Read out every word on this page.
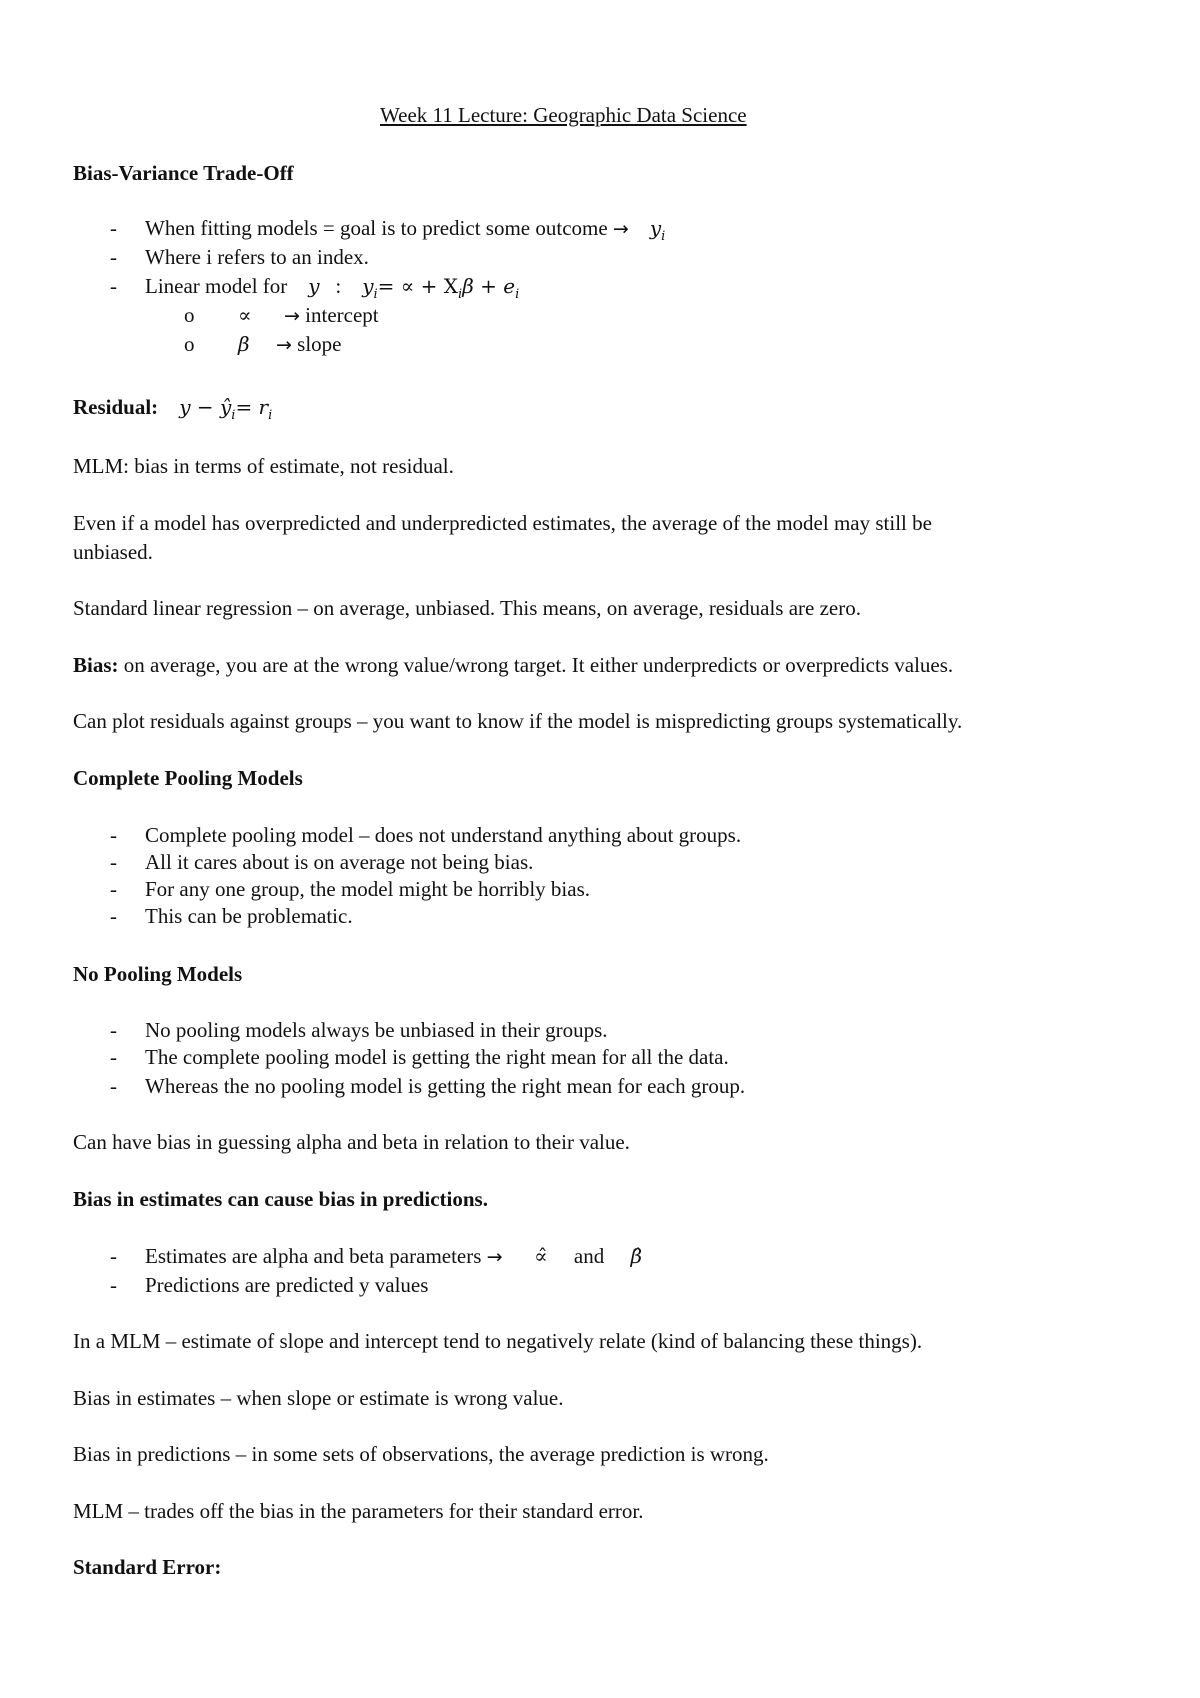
Week 11 Lecture: Geographic Data Science
Bias-Variance Trade-Off
- When fitting models = goal is to predict some outcome → $y_i$
- Where i refers to an index.
- Linear model for y : $y_i=$ ∝ + $X_i\beta + e_i$
o ∝ → intercept
o β → slope
Residual: $y - ŷ_i= r_i$
MLM: bias in terms of estimate, not residual.
Even if a model has overpredicted and underpredicted estimates, the average of the model may still be
unbiased.
Standard linear regression – on average, unbiased. This means, on average, residuals are zero.
Bias: on average, you are at the wrong value/wrong target. It either underpredicts or overpredicts values.
Can plot residuals against groups – you want to know if the model is mispredicting groups systematically.
Complete Pooling Models
- Complete pooling model – does not understand anything about groups.
- All it cares about is on average not being bias.
- For any one group, the model might be horribly bias.
- This can be problematic.
No Pooling Models
- No pooling models always be unbiased in their groups.
- The complete pooling model is getting the right mean for all the data.
- Whereas the no pooling model is getting the right mean for each group.
Can have bias in guessing alpha and beta in relation to their value.
Bias in estimates can cause bias in predictions.
- Estimates are alpha and beta parameters → ∝̂ and β̂
- Predictions are predicted y values
In a MLM – estimate of slope and intercept tend to negatively relate (kind of balancing these things).
Bias in estimates – when slope or estimate is wrong value.
Bias in predictions – in some sets of observations, the average prediction is wrong.
MLM – trades off the bias in the parameters for their standard error.
Standard Error:
